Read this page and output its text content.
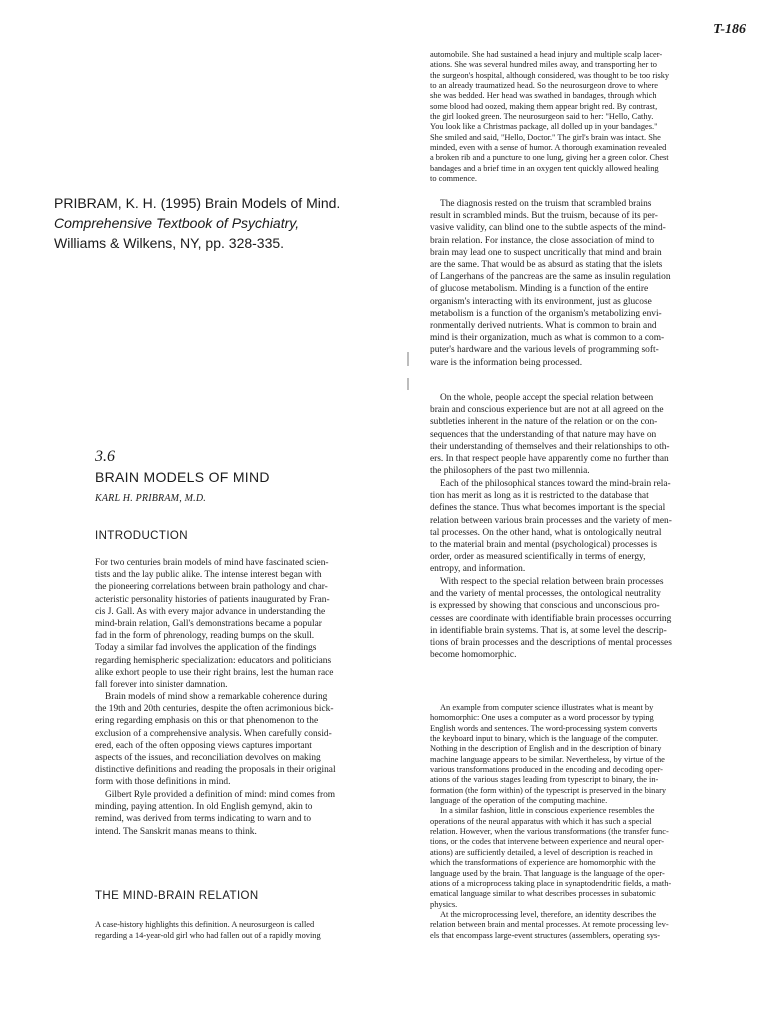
T-186
PRIBRAM, K. H. (1995) Brain Models of Mind.
Comprehensive Textbook of Psychiatry,
Williams & Wilkens, NY, pp. 328-335.
3.6
BRAIN MODELS OF MIND
KARL H. PRIBRAM, M.D.
INTRODUCTION
For two centuries brain models of mind have fascinated scien-
tists and the lay public alike. The intense interest began with
the pioneering correlations between brain pathology and char-
acteristic personality histories of patients inaugurated by Fran-
cis J. Gall. As with every major advance in understanding the
mind-brain relation, Gall's demonstrations became a popular
fad in the form of phrenology, reading bumps on the skull.
Today a similar fad involves the application of the findings
regarding hemispheric specialization: educators and politicians
alike exhort people to use their right brains, lest the human race
fall forever into sinister damnation.
Brain models of mind show a remarkable coherence during
the 19th and 20th centuries, despite the often acrimonious bick-
ering regarding emphasis on this or that phenomenon to the
exclusion of a comprehensive analysis. When carefully consid-
ered, each of the often opposing views captures important
aspects of the issues, and reconciliation devolves on making
distinctive definitions and reading the proposals in their original
form with those definitions in mind.
Gilbert Ryle provided a definition of mind: mind comes from
minding, paying attention. In old English gemynd, akin to
remind, was derived from terms indicating to warn and to
intend. The Sanskrit manas means to think.
THE MIND-BRAIN RELATION
A case-history highlights this definition. A neurosurgeon is called
regarding a 14-year-old girl who had fallen out of a rapidly moving
automobile. She had sustained a head injury and multiple scalp lacer-
ations. She was several hundred miles away, and transporting her to
the surgeon's hospital, although considered, was thought to be too risky
to an already traumatized head. So the neurosurgeon drove to where
she was bedded. Her head was swathed in bandages, through which
some blood had oozed, making them appear bright red. By contrast,
the girl looked green. The neurosurgeon said to her: "Hello, Cathy.
You look like a Christmas package, all dolled up in your bandages."
She smiled and said, "Hello, Doctor." The girl's brain was intact. She
minded, even with a sense of humor. A thorough examination revealed
a broken rib and a puncture to one lung, giving her a green color. Chest
bandages and a brief time in an oxygen tent quickly allowed healing
to commence.
The diagnosis rested on the truism that scrambled brains
result in scrambled minds. But the truism, because of its per-
vasive validity, can blind one to the subtle aspects of the mind-
brain relation. For instance, the close association of mind to
brain may lead one to suspect uncritically that mind and brain
are the same. That would be as absurd as stating that the islets
of Langerhans of the pancreas are the same as insulin regulation
of glucose metabolism. Minding is a function of the entire
organism's interacting with its environment, just as glucose
metabolism is a function of the organism's metabolizing envi-
ronmentally derived nutrients. What is common to brain and
mind is their organization, much as what is common to a com-
puter's hardware and the various levels of programming soft-
ware is the information being processed.
On the whole, people accept the special relation between
brain and conscious experience but are not at all agreed on the
subtleties inherent in the nature of the relation or on the con-
sequences that the understanding of that nature may have on
their understanding of themselves and their relationships to oth-
ers. In that respect people have apparently come no further than
the philosophers of the past two millennia.
Each of the philosophical stances toward the mind-brain rela-
tion has merit as long as it is restricted to the database that
defines the stance. Thus what becomes important is the special
relation between various brain processes and the variety of men-
tal processes. On the other hand, what is ontologically neutral
to the material brain and mental (psychological) processes is
order, order as measured scientifically in terms of energy,
entropy, and information.
With respect to the special relation between brain processes
and the variety of mental processes, the ontological neutrality
is expressed by showing that conscious and unconscious pro-
cesses are coordinate with identifiable brain processes occurring
in identifiable brain systems. That is, at some level the descrip-
tions of brain processes and the descriptions of mental processes
become homomorphic.
An example from computer science illustrates what is meant by
homomorphic: One uses a computer as a word processor by typing
English words and sentences. The word-processing system converts
the keyboard input to binary, which is the language of the computer.
Nothing in the description of English and in the description of binary
machine language appears to be similar. Nevertheless, by virtue of the
various transformations produced in the encoding and decoding oper-
ations of the various stages leading from typescript to binary, the in-
formation (the form within) of the typescript is preserved in the binary
language of the operation of the computing machine.
In a similar fashion, little in conscious experience resembles the
operations of the neural apparatus with which it has such a special
relation. However, when the various transformations (the transfer func-
tions, or the codes that intervene between experience and neural oper-
ations) are sufficiently detailed, a level of description is reached in
which the transformations of experience are homomorphic with the
language used by the brain. That language is the language of the oper-
ations of a microprocess taking place in synaptodendritic fields, a math-
ematical language similar to what describes processes in subatomic
physics.
At the microprocessing level, therefore, an identity describes the
relation between brain and mental processes. At remote processing lev-
els that encompass large-event structures (assemblers, operating sys-
